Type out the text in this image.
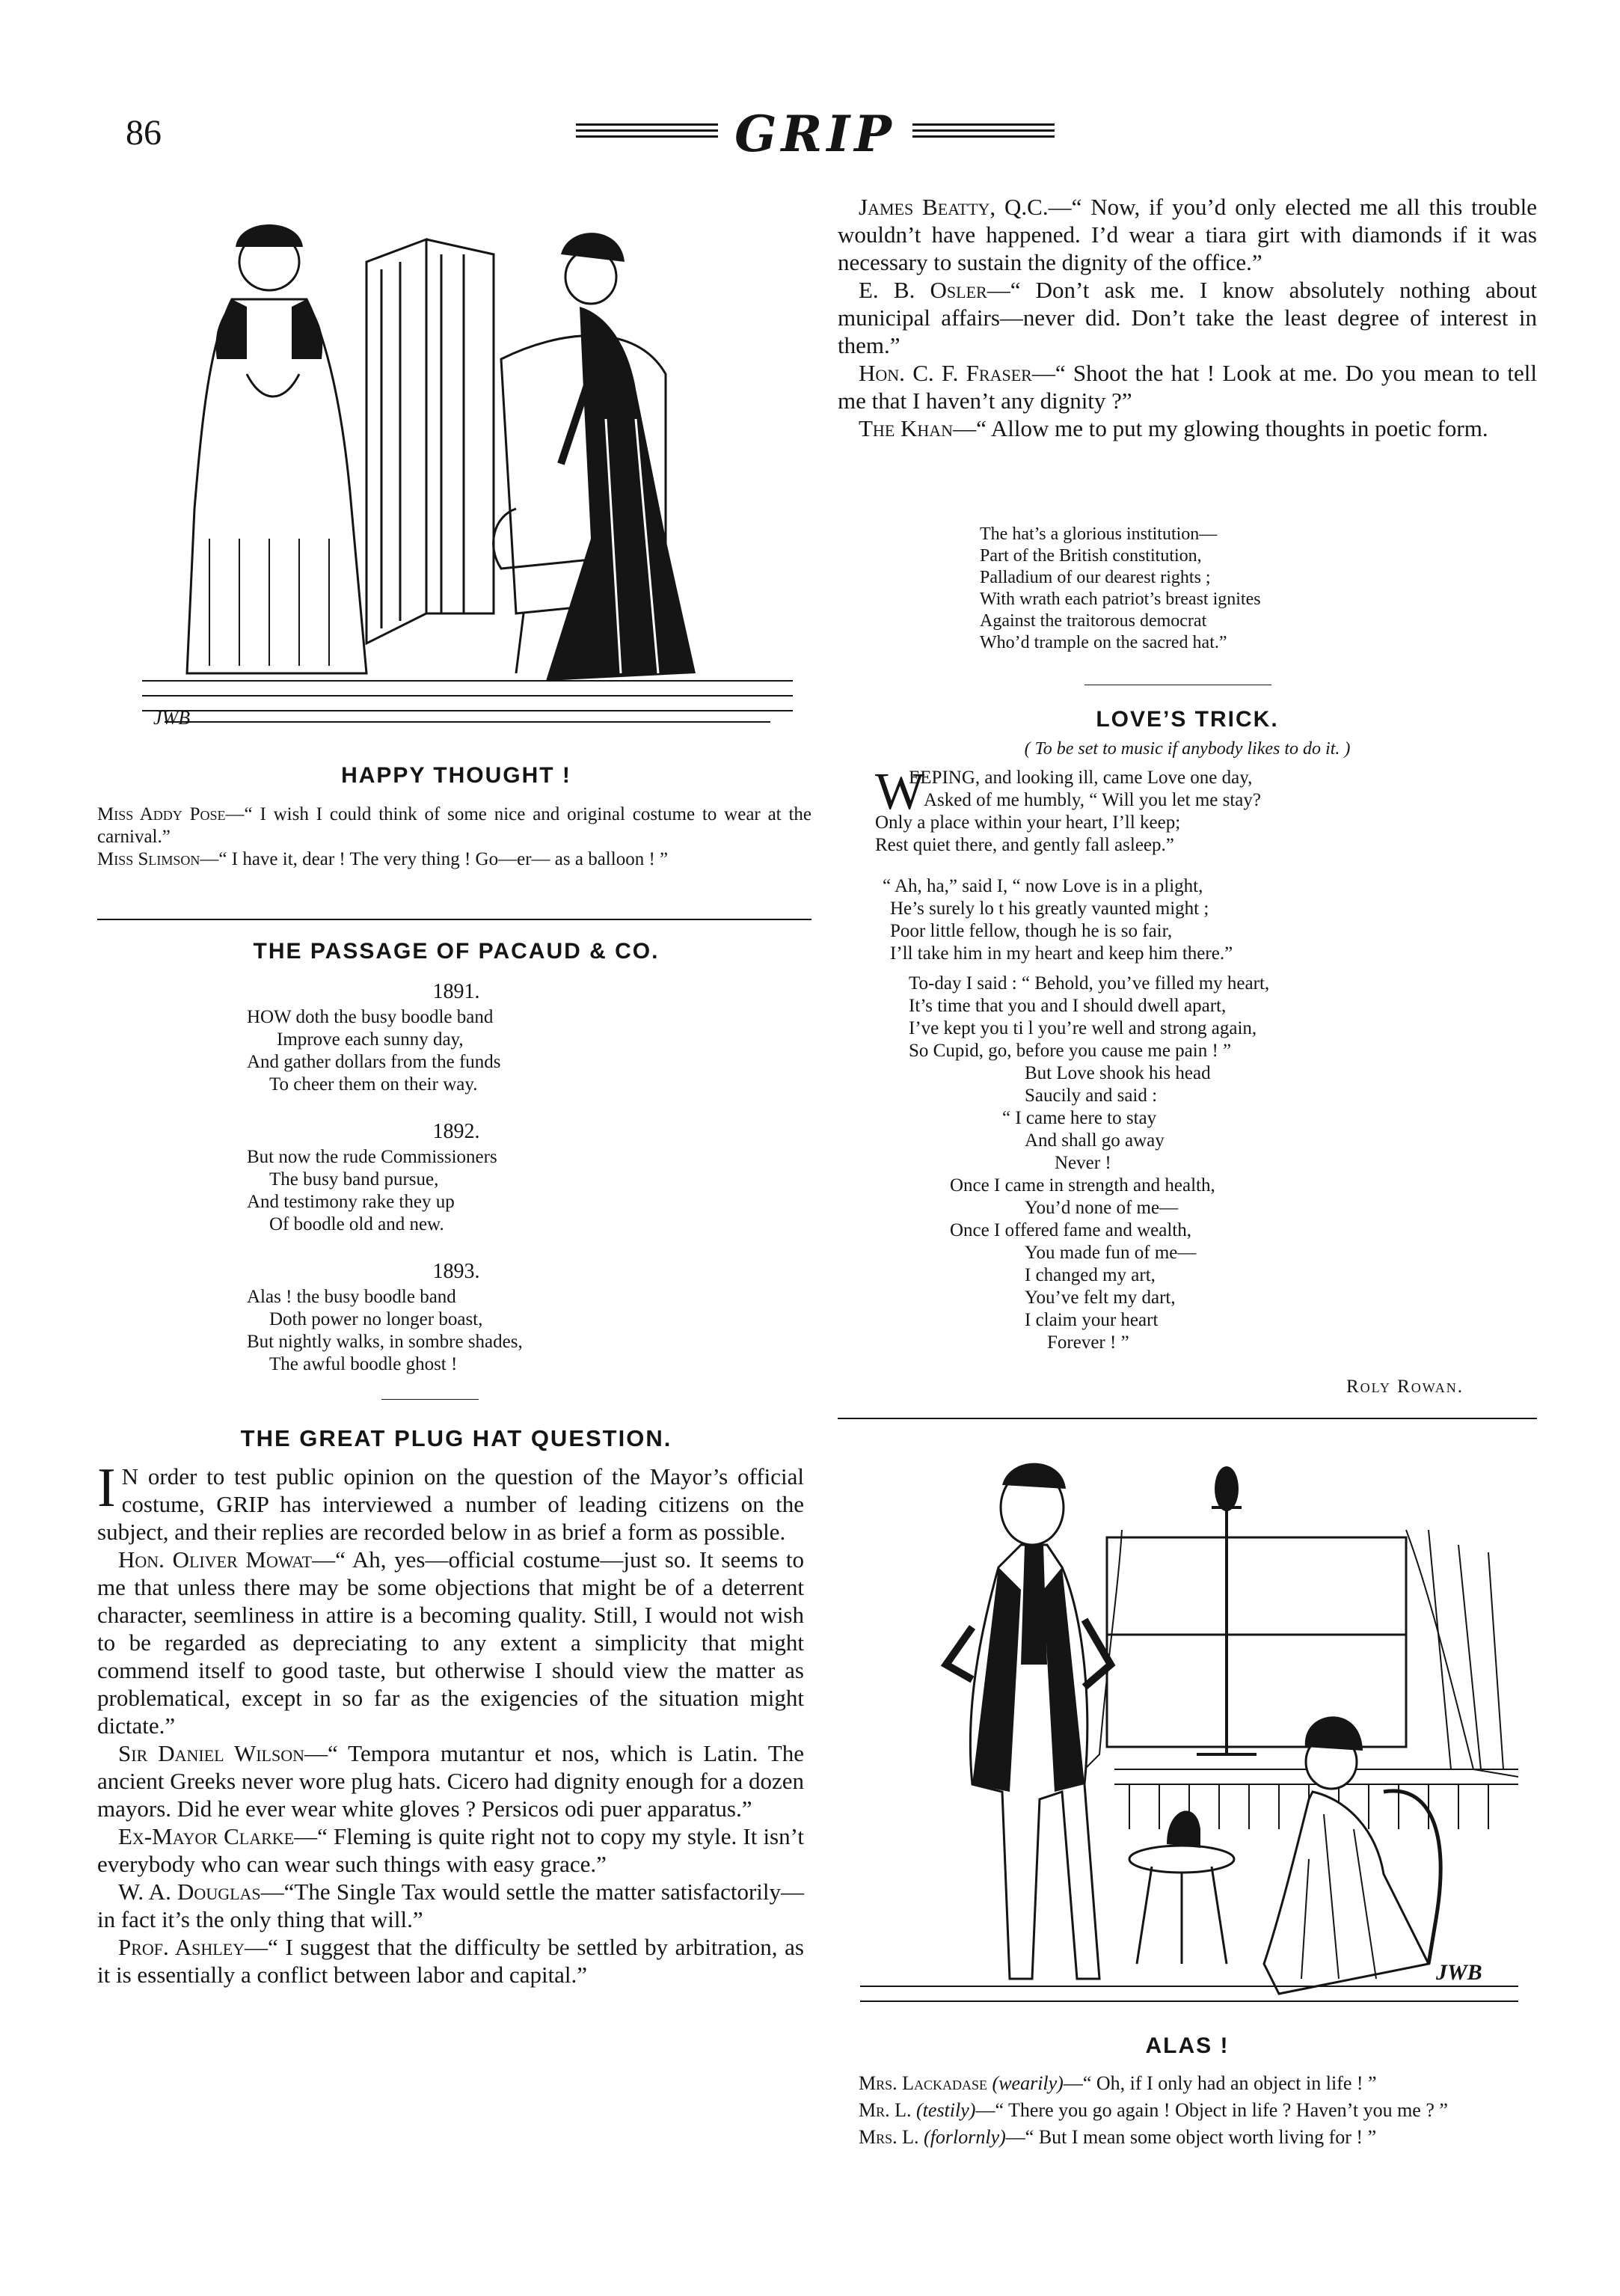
86	GRIP
JWB
HAPPY THOUGHT !
Miss Addy Pose—“ I wish I could think of some nice and original costume to wear at the carnival.”
Miss Slimson—“ I have it, dear ! The very thing ! Go—er— as a balloon ! ”
THE PASSAGE OF PACAUD & CO.
1891.
HOW doth the busy boodle band
Improve each sunny day,
And gather dollars from the funds
To cheer them on their way.
1892.
But now the rude Commissioners
The busy band pursue,
And testimony rake they up
Of boodle old and new.
1893.
Alas ! the busy boodle band
Doth power no longer boast,
But nightly walks, in sombre shades,
The awful boodle ghost !
THE GREAT PLUG HAT QUESTION.
I N order to test public opinion on the question of the Mayor’s official costume, GRIP has interviewed a number of leading citizens on the subject, and their replies are recorded below in as brief a form as possible.
Hon. Oliver Mowat—“ Ah, yes—official costume—just so. It seems to me that unless there may be some objections that might be of a deterrent character, seemliness in attire is a becoming quality. Still, I would not wish to be regarded as depreciating to any extent a simplicity that might commend itself to good taste, but otherwise I should view the matter as problematical, except in so far as the exigencies of the situation might dictate.”
Sir Daniel Wilson—“ Tempora mutantur et nos, which is Latin. The ancient Greeks never wore plug hats. Cicero had dignity enough for a dozen mayors. Did he ever wear white gloves ? Persicos odi puer apparatus.”
Ex-Mayor Clarke—“ Fleming is quite right not to copy my style. It isn’t everybody who can wear such things with easy grace.”
W. A. Douglas—“The Single Tax would settle the matter satisfactorily—in fact it’s the only thing that will.”
Prof. Ashley—“ I suggest that the difficulty be settled by arbitration, as it is essentially a conflict between labor and capital.”
James Beatty, Q.C.—“ Now, if you’d only elected me all this trouble wouldn’t have happened. I’d wear a tiara girt with diamonds if it was necessary to sustain the dignity of the office.”
E. B. Osler—“ Don’t ask me. I know absolutely nothing about municipal affairs—never did. Don’t take the least degree of interest in them.”
Hon. C. F. Fraser—“ Shoot the hat ! Look at me. Do you mean to tell me that I haven’t any dignity ?”
The Khan—“ Allow me to put my glowing thoughts in poetic form.
The hat’s a glorious institution—
Part of the British constitution,
Palladium of our dearest rights ;
With wrath each patriot’s breast ignites
Against the traitorous democrat
Who’d trample on the sacred hat.”
LOVE’S TRICK.
( To be set to music if anybody likes to do it. )
W
EEPING, and looking ill, came Love one day,
Asked of me humbly, “ Will you let me stay?
Only a place within your heart, I’ll keep;
Rest quiet there, and gently fall asleep.”
“ Ah, ha,” said I, “ now Love is in a plight,
He’s surely lo t his greatly vaunted might ;
Poor little fellow, though he is so fair,
I’ll take him in my heart and keep him there.”
To-day I said : “ Behold, you’ve filled my heart,
It’s time that you and I should dwell apart,
I’ve kept you ti l you’re well and strong again,
So Cupid, go, before you cause me pain ! ”
But Love shook his head
Saucily and said :
“ I came here to stay
And shall go away
Never !
Once I came in strength and health,
You’d none of me—
Once I offered fame and wealth,
You made fun of me—
I changed my art,
You’ve felt my dart,
I claim your heart
Forever ! ”
Roly Rowan.
JWB
ALAS !
Mrs. Lackadase (wearily)—“ Oh, if I only had an object in life ! ”
Mr. L. (testily)—“ There you go again ! Object in life ? Haven’t you me ? ”
Mrs. L. (forlornly)—“ But I mean some object worth living for ! ”
